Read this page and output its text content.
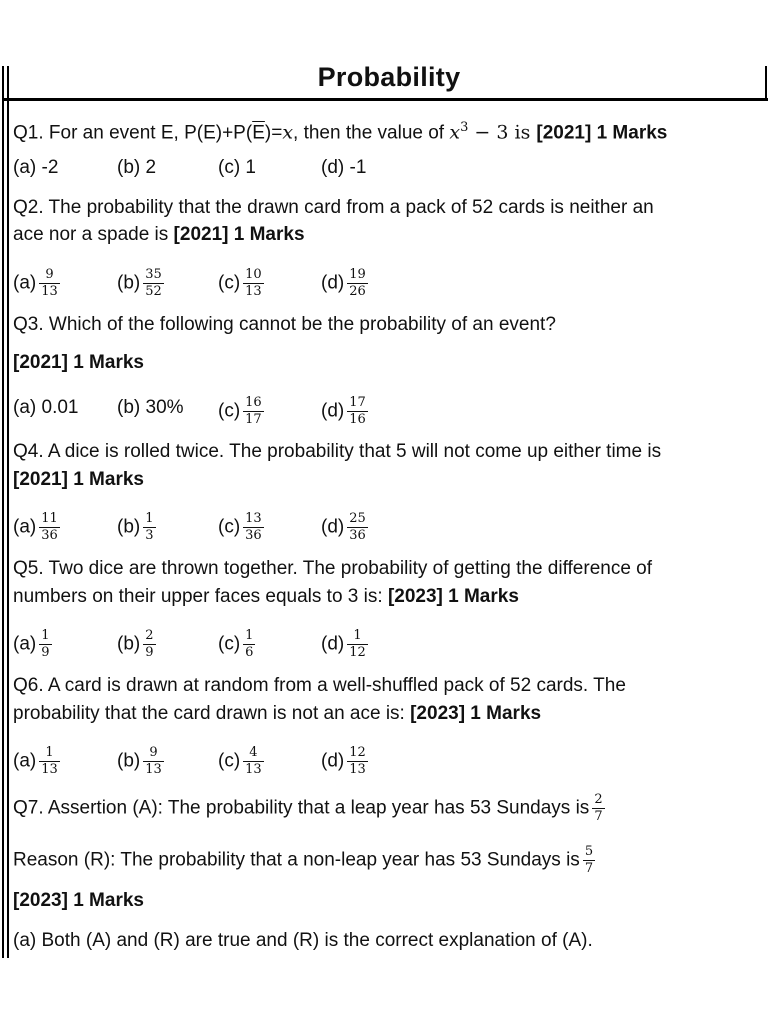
Probability
Q1. For an event E, $P(E)+P(\overline{E})=x$, then the value of $x^3 - 3$ is [2021] 1 Marks
(a) -2	(b) 2	(c) 1	(d) -1
Q2. The probability that the drawn card from a pack of 52 cards is neither an
ace nor a spade is [2021] 1 Marks
$(a) \frac{9}{13}$	$(b) \frac{35}{52}$	$(c) \frac{10}{13}$	$(d) \frac{19}{26}$
Q3. Which of the following cannot be the probability of an event?
[2021] 1 Marks
(a) 0.01 (b) 30% $(c) \frac{16}{17}$	$(d) \frac{17}{16}$
Q4. A dice is rolled twice. The probability that 5 will not come up either time is
[2021] 1 Marks
$(a) \frac{11}{36}$	$(b) \frac{1}{3}$	$(c) \frac{13}{36}$	$(d) \frac{25}{36}$
Q5. Two dice are thrown together. The probability of getting the difference of
numbers on their upper faces equals to 3 is: [2023] 1 Marks
$(a) \frac{1}{9}$	$(b) \frac{2}{9}$	$(c) \frac{1}{6}$	$(d) \frac{1}{12}$
Q6. A card is drawn at random from a well-shuffled pack of 52 cards. The
probability that the card drawn is not an ace is: [2023] 1 Marks
$(a) \frac{1}{13}$	$(b) \frac{9}{13}$	$(c) \frac{4}{13}$	$(d) \frac{12}{13}$
Q7. Assertion (A): The probability that a leap year has 53 Sundays is $\frac{2}{7}$
Reason (R): The probability that a non-leap year has 53 Sundays is $\frac{5}{7}$
[2023] 1 Marks
(a) Both (A) and (R) are true and (R) is the correct explanation of (A).
